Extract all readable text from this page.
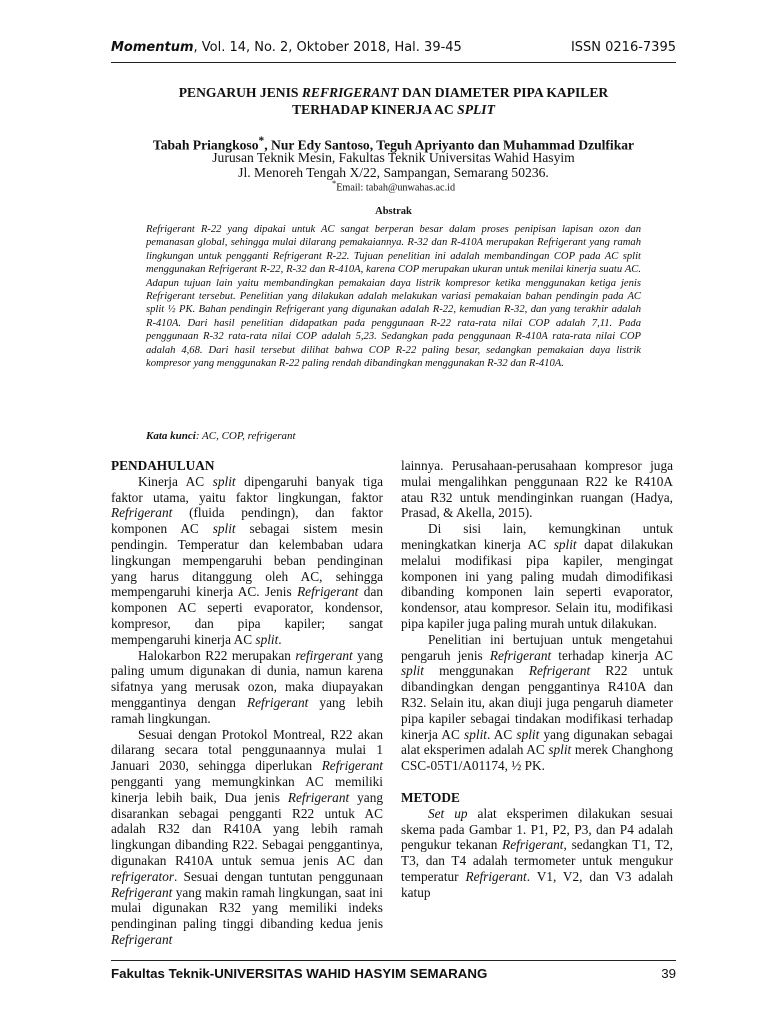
Momentum, Vol. 14, No. 2, Oktober 2018, Hal. 39-45	ISSN 0216-7395
PENGARUH JENIS REFRIGERANT DAN DIAMETER PIPA KAPILER
TERHADAP KINERJA AC SPLIT
Tabah Priangkoso*, Nur Edy Santoso, Teguh Apriyanto dan Muhammad Dzulfikar
Jurusan Teknik Mesin, Fakultas Teknik Universitas Wahid Hasyim
Jl. Menoreh Tengah X/22, Sampangan, Semarang 50236.
*Email: tabah@unwahas.ac.id
Abstrak
Refrigerant R-22 yang dipakai untuk AC sangat berperan besar dalam proses penipisan lapisan ozon dan pemanasan global, sehingga mulai dilarang pemakaiannya. R-32 dan R-410A merupakan Refrigerant yang ramah lingkungan untuk pengganti Refrigerant R-22. Tujuan penelitian ini adalah membandingan COP pada AC split menggunakan Refrigerant R-22, R-32 dan R-410A, karena COP merupakan ukuran untuk menilai kinerja suatu AC. Adapun tujuan lain yaitu membandingkan pemakaian daya listrik kompresor ketika menggunakan ketiga jenis Refrigerant tersebut. Penelitian yang dilakukan adalah melakukan variasi pemakaian bahan pendingin pada AC split ½ PK. Bahan pendingin Refrigerant yang digunakan adalah R-22, kemudian R-32, dan yang terakhir adalah R-410A. Dari hasil penelitian didapatkan pada penggunaan R-22 rata-rata nilai COP adalah 7,11. Pada penggunaan R-32 rata-rata nilai COP adalah 5,23. Sedangkan pada penggunaan R-410A rata-rata nilai COP adalah 4,68. Dari hasil tersebut dilihat bahwa COP R-22 paling besar, sedangkan pemakaian daya listrik kompresor yang menggunakan R-22 paling rendah dibandingkan menggunakan R-32 dan R-410A.
Kata kunci: AC, COP, refrigerant
PENDAHULUAN

Kinerja AC split dipengaruhi banyak tiga faktor utama, yaitu faktor lingkungan, faktor Refrigerant (fluida pendingn), dan faktor komponen AC split sebagai sistem mesin pendingin. Temperatur dan kelembaban udara lingkungan mempengaruhi beban pendinginan yang harus ditanggung oleh AC, sehingga mempengaruhi kinerja AC. Jenis Refrigerant dan komponen AC seperti evaporator, kondensor, kompresor, dan pipa kapiler; sangat mempengaruhi kinerja AC split.

Halokarbon R22 merupakan refirgerant yang paling umum digunakan di dunia, namun karena sifatnya yang merusak ozon, maka diupayakan menggantinya dengan Refrigerant yang lebih ramah lingkungan.

Sesuai dengan Protokol Montreal, R22 akan dilarang secara total penggunaannya mulai 1 Januari 2030, sehingga diperlukan Refrigerant pengganti yang memungkinkan AC memiliki kinerja lebih baik, Dua jenis Refrigerant yang disarankan sebagai pengganti R22 untuk AC adalah R32 dan R410A yang lebih ramah lingkungan dibanding R22. Sebagai penggantinya, digunakan R410A untuk semua jenis AC dan refrigerator. Sesuai dengan tuntutan penggunaan Refrigerant yang makin ramah lingkungan, saat ini mulai digunakan R32 yang memiliki indeks pendinginan paling tinggi dibanding kedua jenis Refrigerant

lainnya. Perusahaan-perusahaan kompresor juga mulai mengalihkan penggunaan R22 ke R410A atau R32 untuk mendinginkan ruangan (Hadya, Prasad, & Akella, 2015).

Di sisi lain, kemungkinan untuk meningkatkan kinerja AC split dapat dilakukan melalui modifikasi pipa kapiler, mengingat komponen ini yang paling mudah dimodifikasi dibanding komponen lain seperti evaporator, kondensor, atau kompresor. Selain itu, modifikasi pipa kapiler juga paling murah untuk dilakukan.

Penelitian ini bertujuan untuk mengetahui pengaruh jenis Refrigerant terhadap kinerja AC split menggunakan Refrigerant R22 untuk dibandingkan dengan penggantinya R410A dan R32. Selain itu, akan diuji juga pengaruh diameter pipa kapiler sebagai tindakan modifikasi terhadap kinerja AC split. AC split yang digunakan sebagai alat eksperimen adalah AC split merek Changhong CSC-05T1/A01174, ½ PK.

METODE

Set up alat eksperimen dilakukan sesuai skema pada Gambar 1. P1, P2, P3, dan P4 adalah pengukur tekanan Refrigerant, sedangkan T1, T2, T3, dan T4 adalah termometer untuk mengukur temperatur Refrigerant. V1, V2, dan V3 adalah katup

Fakultas Teknik-UNIVERSITAS WAHID HASYIM SEMARANG	39
